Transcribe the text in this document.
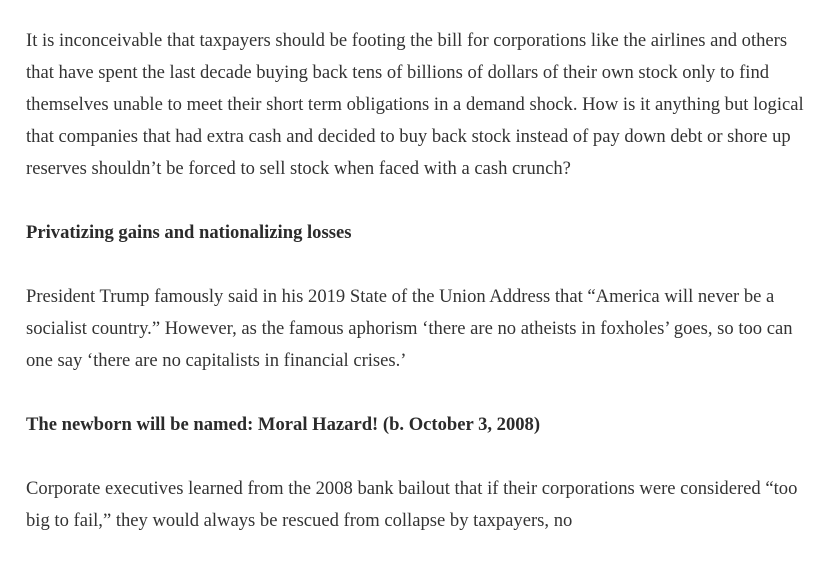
It is inconceivable that taxpayers should be footing the bill for corporations like the airlines and others that have spent the last decade buying back tens of billions of dollars of their own stock only to find themselves unable to meet their short term obligations in a demand shock. How is it anything but logical that companies that had extra cash and decided to buy back stock instead of pay down debt or shore up reserves shouldn’t be forced to sell stock when faced with a cash crunch?

Privatizing gains and nationalizing losses

President Trump famously said in his 2019 State of the Union Address that “America will never be a socialist country.” However, as the famous aphorism ‘there are no atheists in foxholes’ goes, so too can one say ‘there are no capitalists in financial crises.’

The newborn will be named: Moral Hazard! (b. October 3, 2008)

Corporate executives learned from the 2008 bank bailout that if their corporations were considered “too big to fail,” they would always be rescued from collapse by taxpayers, no
